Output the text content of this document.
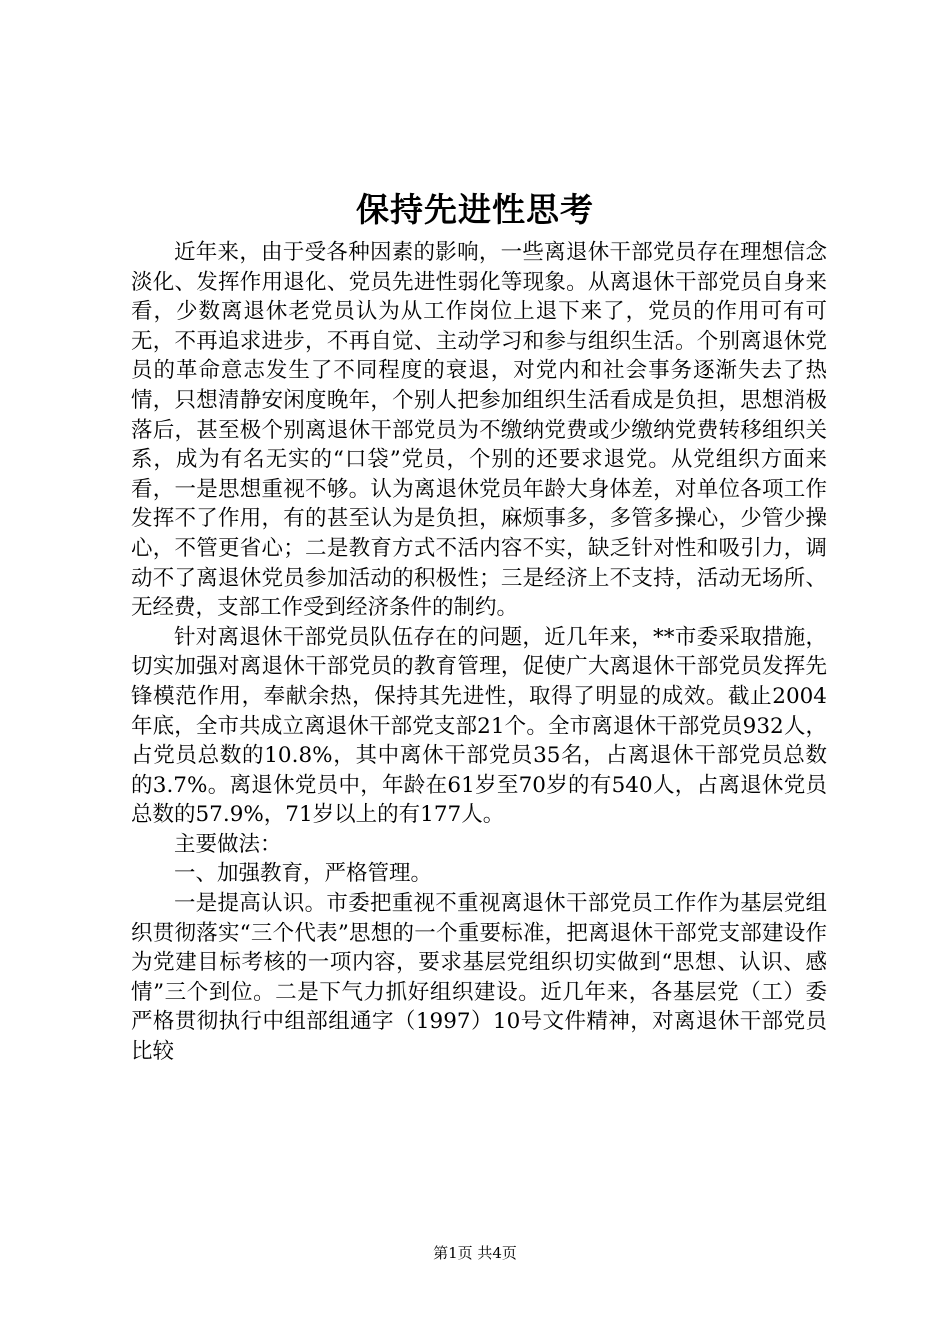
保持先进性思考

近年来，由于受各种因素的影响，一些离退休干部党员存在理想信念淡化、发挥作用退化、党员先进性弱化等现象。从离退休干部党员自身来看，少数离退休老党员认为从工作岗位上退下来了，党员的作用可有可无，不再追求进步，不再自觉、主动学习和参与组织生活。个别离退休党员的革命意志发生了不同程度的衰退，对党内和社会事务逐渐失去了热情，只想清静安闲度晚年，个别人把参加组织生活看成是负担，思想消极落后，甚至极个别离退休干部党员为不缴纳党费或少缴纳党费转移组织关系，成为有名无实的“口袋”党员，个别的还要求退党。从党组织方面来看，一是思想重视不够。认为离退休党员年龄大身体差，对单位各项工作发挥不了作用，有的甚至认为是负担，麻烦事多，多管多操心，少管少操心，不管更省心；二是教育方式不活内容不实，缺乏针对性和吸引力，调动不了离退休党员参加活动的积极性；三是经济上不支持，活动无场所、无经费，支部工作受到经济条件的制约。

针对离退休干部党员队伍存在的问题，近几年来，**市委采取措施，切实加强对离退休干部党员的教育管理，促使广大离退休干部党员发挥先锋模范作用，奉献余热，保持其先进性，取得了明显的成效。截止2004年底，全市共成立离退休干部党支部21个。全市离退休干部党员932人，占党员总数的10.8%，其中离休干部党员35名，占离退休干部党员总数的3.7%。离退休党员中，年龄在61岁至70岁的有540人，占离退休党员总数的57.9%，71岁以上的有177人。

主要做法：

一、加强教育，严格管理。

一是提高认识。市委把重视不重视离退休干部党员工作作为基层党组织贯彻落实“三个代表”思想的一个重要标准，把离退休干部党支部建设作为党建目标考核的一项内容，要求基层党组织切实做到“思想、认识、感情”三个到位。二是下气力抓好组织建设。近几年来，各基层党（工）委严格贯彻执行中组部组通字（1997）10号文件精神，对离退休干部党员比较

第1页 共4页
